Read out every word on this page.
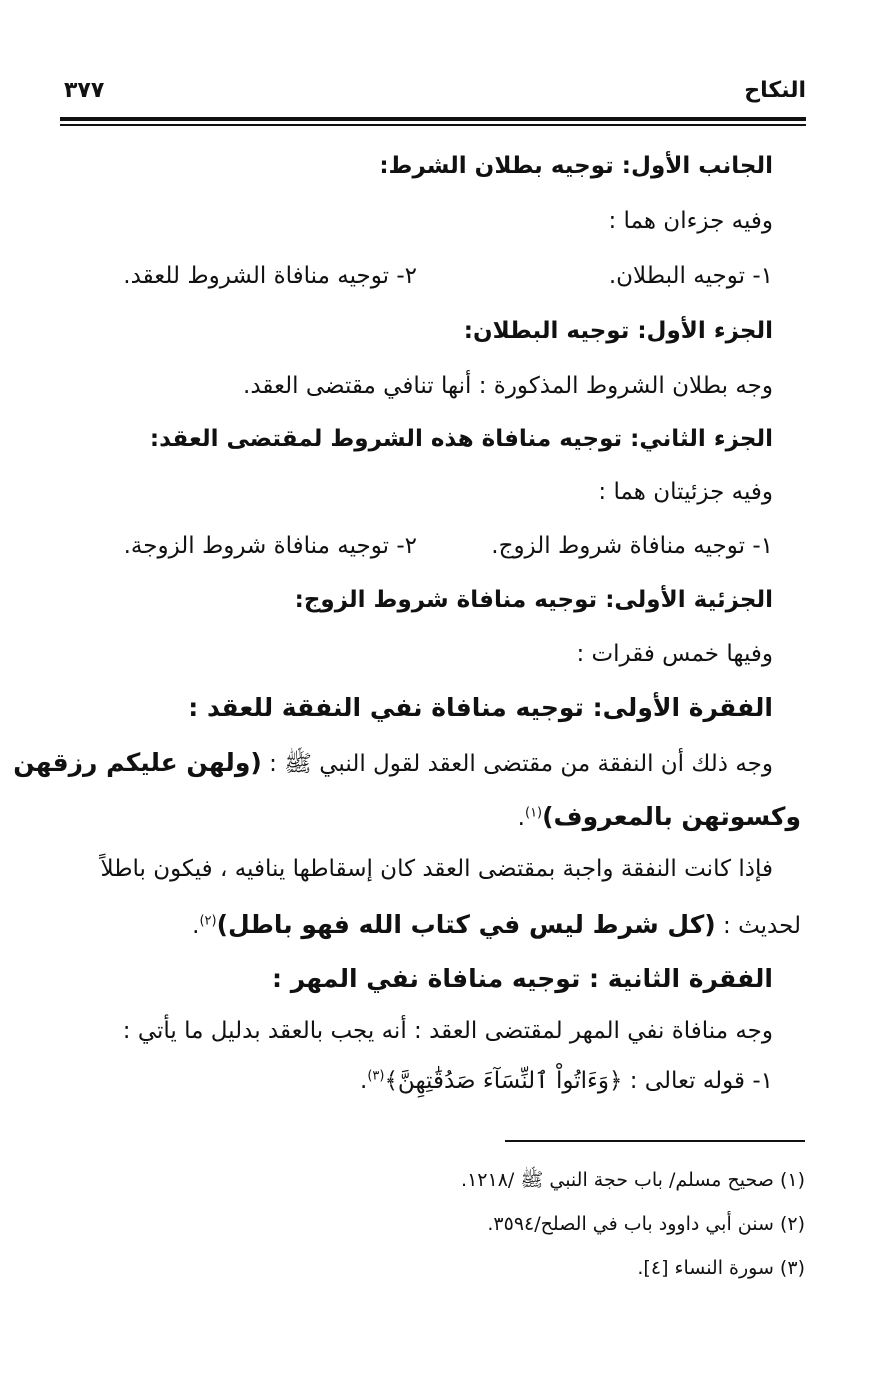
النكاح
٣٧٧
الجانب الأول: توجيه بطلان الشرط:
وفيه جزءان هما :
١- توجيه البطلان.
٢- توجيه منافاة الشروط للعقد.
الجزء الأول: توجيه البطلان:
وجه بطلان الشروط المذكورة : أنها تنافي مقتضى العقد.
الجزء الثاني: توجيه منافاة هذه الشروط لمقتضى العقد:
وفيه جزئيتان هما :
١- توجيه منافاة شروط الزوج.
٢- توجيه منافاة شروط الزوجة.
الجزئية الأولى: توجيه منافاة شروط الزوج:
وفيها خمس فقرات :
الفقرة الأولى: توجيه منافاة نفي النفقة للعقد :
وجه ذلك أن النفقة من مقتضى العقد لقول النبي ﷺ : (ولهن عليكم رزقهن
وكسوتهن بالمعروف)$^{(١)}$.
فإذا كانت النفقة واجبة بمقتضى العقد كان إسقاطها ينافيه ، فيكون باطلاً
لحديث : (كل شرط ليس في كتاب الله فهو باطل)$^{(٢)}$.
الفقرة الثانية : توجيه منافاة نفي المهر :
وجه منافاة نفي المهر لمقتضى العقد : أنه يجب بالعقد بدليل ما يأتي :
١- قوله تعالى : ﴿وَءَاتُواْ ٱلنِّسَآءَ صَدُقَٰتِهِنَّ﴾$^{(٣)}$.
(١) صحيح مسلم/ باب حجة النبي ﷺ /١٢١٨.
(٢) سنن أبي داوود باب في الصلح/٣٥٩٤.
(٣) سورة النساء [٤].
